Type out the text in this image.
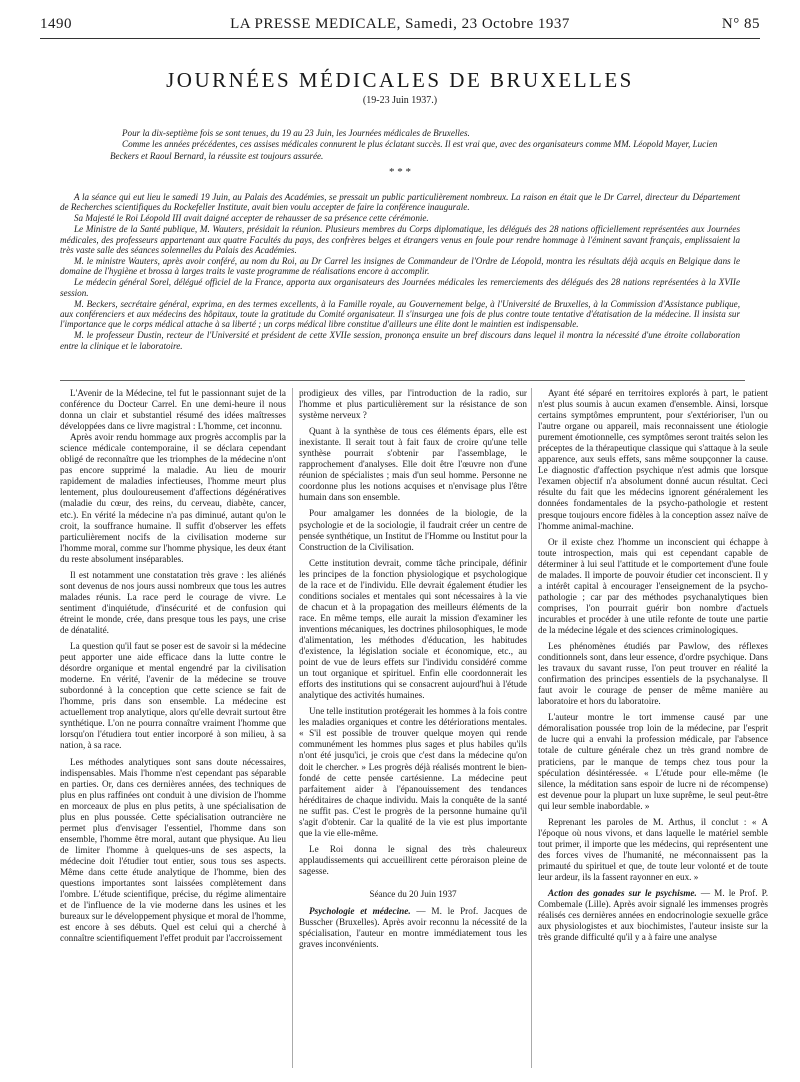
1490	LA PRESSE MEDICALE, Samedi, 23 Octobre 1937	N° 85
JOURNÉES MÉDICALES DE BRUXELLES
(19-23 Juin 1937.)

Pour la dix-septième fois se sont tenues, du 19 au 23 Juin, les Journées médicales de Bruxelles.

Comme les années précédentes, ces assises médicales connurent le plus éclatant succès. Il est vrai que, avec des organisateurs comme MM. Léopold Mayer, Lucien Beckers et Raoul Bernard, la réussite est toujours assurée.

* * *

A la séance qui eut lieu le samedi 19 Juin, au Palais des Académies, se pressait un public particulièrement nombreux. La raison en était que le Dr Carrel, directeur du Département de Recherches scientifiques du Rockefeller Institute, avait bien voulu accepter de faire la conférence inaugurale.

Sa Majesté le Roi Léopold III avait daigné accepter de rehausser de sa présence cette cérémonie.

Le Ministre de la Santé publique, M. Wauters, présidait la réunion. Plusieurs membres du Corps diplomatique, les délégués des 28 nations officiellement représentées aux Journées médicales, des professeurs appartenant aux quatre Facultés du pays, des confrères belges et étrangers venus en foule pour rendre hommage à l'éminent savant français, emplissaient la très vaste salle des séances solennelles du Palais des Académies.

M. le ministre Wauters, après avoir conféré, au nom du Roi, au Dr Carrel les insignes de Commandeur de l'Ordre de Léopold, montra les résultats déjà acquis en Belgique dans le domaine de l'hygiène et brossa à larges traits le vaste programme de réalisations encore à accomplir.

Le médecin général Sorel, délégué officiel de la France, apporta aux organisateurs des Journées médicales les remerciements des délégués des 28 nations représentées à la XVIIe session.

M. Beckers, secrétaire général, exprima, en des termes excellents, à la Famille royale, au Gouvernement belge, à l'Université de Bruxelles, à la Commission d'Assistance publique, aux conférenciers et aux médecins des hôpitaux, toute la gratitude du Comité organisateur. Il s'insurgea une fois de plus contre toute tentative d'étatisation de la médecine. Il insista sur l'importance que le corps médical attache à sa liberté ; un corps médical libre constitue d'ailleurs une élite dont le maintien est indispensable.

M. le professeur Dustin, recteur de l'Université et président de cette XVIIe session, prononça ensuite un bref discours dans lequel il montra la nécessité d'une étroite collaboration entre la clinique et le laboratoire.

L'Avenir de la Médecine, tel fut le passionnant sujet de la conférence du Docteur Carrel. En une demi-heure il nous donna un clair et substantiel résumé des idées maîtresses développées dans ce livre magistral : L'homme, cet inconnu.

Après avoir rendu hommage aux progrès accomplis par la science médicale contemporaine, il se déclara cependant obligé de reconnaître que les triomphes de la médecine n'ont pas encore supprimé la maladie. Au lieu de mourir rapidement de maladies infectieuses, l'homme meurt plus lentement, plus douloureusement d'affections dégénératives (maladie du cœur, des reins, du cerveau, diabète, cancer, etc.). En vérité la médecine n'a pas diminué, autant qu'on le croit, la souffrance humaine. Il suffit d'observer les effets particulièrement nocifs de la civilisation moderne sur l'homme moral, comme sur l'homme physique, les deux étant du reste absolument inséparables.

Il est notamment une constatation très grave : les aliénés sont devenus de nos jours aussi nombreux que tous les autres malades réunis. La race perd le courage de vivre. Le sentiment d'inquiétude, d'insécurité et de confusion qui étreint le monde, crée, dans presque tous les pays, une crise de dénatalité.

La question qu'il faut se poser est de savoir si la médecine peut apporter une aide efficace dans la lutte contre le désordre organique et mental engendré par la civilisation moderne. En vérité, l'avenir de la médecine se trouve subordonné à la conception que cette science se fait de l'homme, pris dans son ensemble. La médecine est actuellement trop analytique, alors qu'elle devrait surtout être synthétique. L'on ne pourra connaître vraiment l'homme que lorsqu'on l'étudiera tout entier incorporé à son milieu, à sa nation, à sa race.

Les méthodes analytiques sont sans doute nécessaires, indispensables. Mais l'homme n'est cependant pas séparable en parties. Or, dans ces dernières années, des techniques de plus en plus raffinées ont conduit à une division de l'homme en morceaux de plus en plus petits, à une spécialisation de plus en plus poussée. Cette spécialisation outrancière ne permet plus d'envisager l'essentiel, l'homme dans son ensemble, l'homme être moral, autant que physique. Au lieu de limiter l'homme à quelques-uns de ses aspects, la médecine doit l'étudier tout entier, sous tous ses aspects. Même dans cette étude analytique de l'homme, bien des questions importantes sont laissées complètement dans l'ombre. L'étude scientifique, précise, du régime alimentaire et de l'influence de la vie moderne dans les usines et les bureaux sur le développement physique et moral de l'homme, est encore à ses débuts. Quel est celui qui a cherché à connaître scientifiquement l'effet produit par l'accroissement

prodigieux des villes, par l'introduction de la radio, sur l'homme et plus particulièrement sur la résistance de son système nerveux ?

Quant à la synthèse de tous ces éléments épars, elle est inexistante. Il serait tout à fait faux de croire qu'une telle synthèse pourrait s'obtenir par l'assemblage, le rapprochement d'analyses. Elle doit être l'œuvre non d'une réunion de spécialistes ; mais d'un seul homme. Personne ne coordonne plus les notions acquises et n'envisage plus l'être humain dans son ensemble.

Pour amalgamer les données de la biologie, de la psychologie et de la sociologie, il faudrait créer un centre de pensée synthétique, un Institut de l'Homme ou Institut pour la Construction de la Civilisation.

Cette institution devrait, comme tâche principale, définir les principes de la fonction physiologique et psychologique de la race et de l'individu. Elle devrait également étudier les conditions sociales et mentales qui sont nécessaires à la vie de chacun et à la propagation des meilleurs éléments de la race. En même temps, elle aurait la mission d'examiner les inventions mécaniques, les doctrines philosophiques, le mode d'alimentation, les méthodes d'éducation, les habitudes d'existence, la législation sociale et économique, etc., au point de vue de leurs effets sur l'individu considéré comme un tout organique et spirituel. Enfin elle coordonnerait les efforts des institutions qui se consacrent aujourd'hui à l'étude analytique des activités humaines.

Une telle institution protégerait les hommes à la fois contre les maladies organiques et contre les détériorations mentales. « S'il est possible de trouver quelque moyen qui rende communément les hommes plus sages et plus habiles qu'ils n'ont été jusqu'ici, je crois que c'est dans la médecine qu'on doit le chercher. » Les progrès déjà réalisés montrent le bien-fondé de cette pensée cartésienne. La médecine peut parfaitement aider à l'épanouissement des tendances héréditaires de chaque individu. Mais la conquête de la santé ne suffit pas. C'est le progrès de la personne humaine qu'il s'agit d'obtenir. Car la qualité de la vie est plus importante que la vie elle-même.

Le Roi donna le signal des très chaleureux applaudissements qui accueillirent cette péroraison pleine de sagesse.

Séance du 20 Juin 1937

Psychologie et médecine. — M. le Prof. Jacques de Busscher (Bruxelles). Après avoir reconnu la nécessité de la spécialisation, l'auteur en montre immédiatement tous les graves inconvénients.

Ayant été séparé en territoires explorés à part, le patient n'est plus soumis à aucun examen d'ensemble. Ainsi, lorsque certains symptômes empruntent, pour s'extérioriser, l'un ou l'autre organe ou appareil, mais reconnaissent une étiologie purement émotionnelle, ces symptômes seront traités selon les préceptes de la thérapeutique classique qui s'attaque à la seule apparence, aux seuls effets, sans même soupçonner la cause. Le diagnostic d'affection psychique n'est admis que lorsque l'examen objectif n'a absolument donné aucun résultat. Ceci résulte du fait que les médecins ignorent généralement les données fondamentales de la psycho-pathologie et restent presque toujours encore fidèles à la conception assez naïve de l'homme animal-machine.

Or il existe chez l'homme un inconscient qui échappe à toute introspection, mais qui est cependant capable de déterminer à lui seul l'attitude et le comportement d'une foule de malades. Il importe de pouvoir étudier cet inconscient. Il y a intérêt capital à encourager l'enseignement de la psycho-pathologie ; car par des méthodes psychanalytiques bien comprises, l'on pourrait guérir bon nombre d'actuels incurables et procéder à une utile refonte de toute une partie de la médecine légale et des sciences criminologiques.

Les phénomènes étudiés par Pawlow, des réflexes conditionnels sont, dans leur essence, d'ordre psychique. Dans les travaux du savant russe, l'on peut trouver en réalité la confirmation des principes essentiels de la psychanalyse. Il faut avoir le courage de penser de même manière au laboratoire et hors du laboratoire.

L'auteur montre le tort immense causé par une démoralisation poussée trop loin de la médecine, par l'esprit de lucre qui a envahi la profession médicale, par l'absence totale de culture générale chez un très grand nombre de praticiens, par le manque de temps chez tous pour la spéculation désintéressée. « L'étude pour elle-même (le silence, la méditation sans espoir de lucre ni de récompense) est devenue pour la plupart un luxe suprême, le seul peut-être qui leur semble inabordable. »

Reprenant les paroles de M. Arthus, il conclut : « A l'époque où nous vivons, et dans laquelle le matériel semble tout primer, il importe que les médecins, qui représentent une des forces vives de l'humanité, ne méconnaissent pas la primauté du spirituel et que, de toute leur volonté et de toute leur ardeur, ils la fassent rayonner en eux. »

Action des gonades sur le psychisme. — M. le Prof. P. Combemale (Lille). Après avoir signalé les immenses progrès réalisés ces dernières années en endocrinologie sexuelle grâce aux physiologistes et aux biochimistes, l'auteur insiste sur la très grande difficulté qu'il y a à faire une analyse
